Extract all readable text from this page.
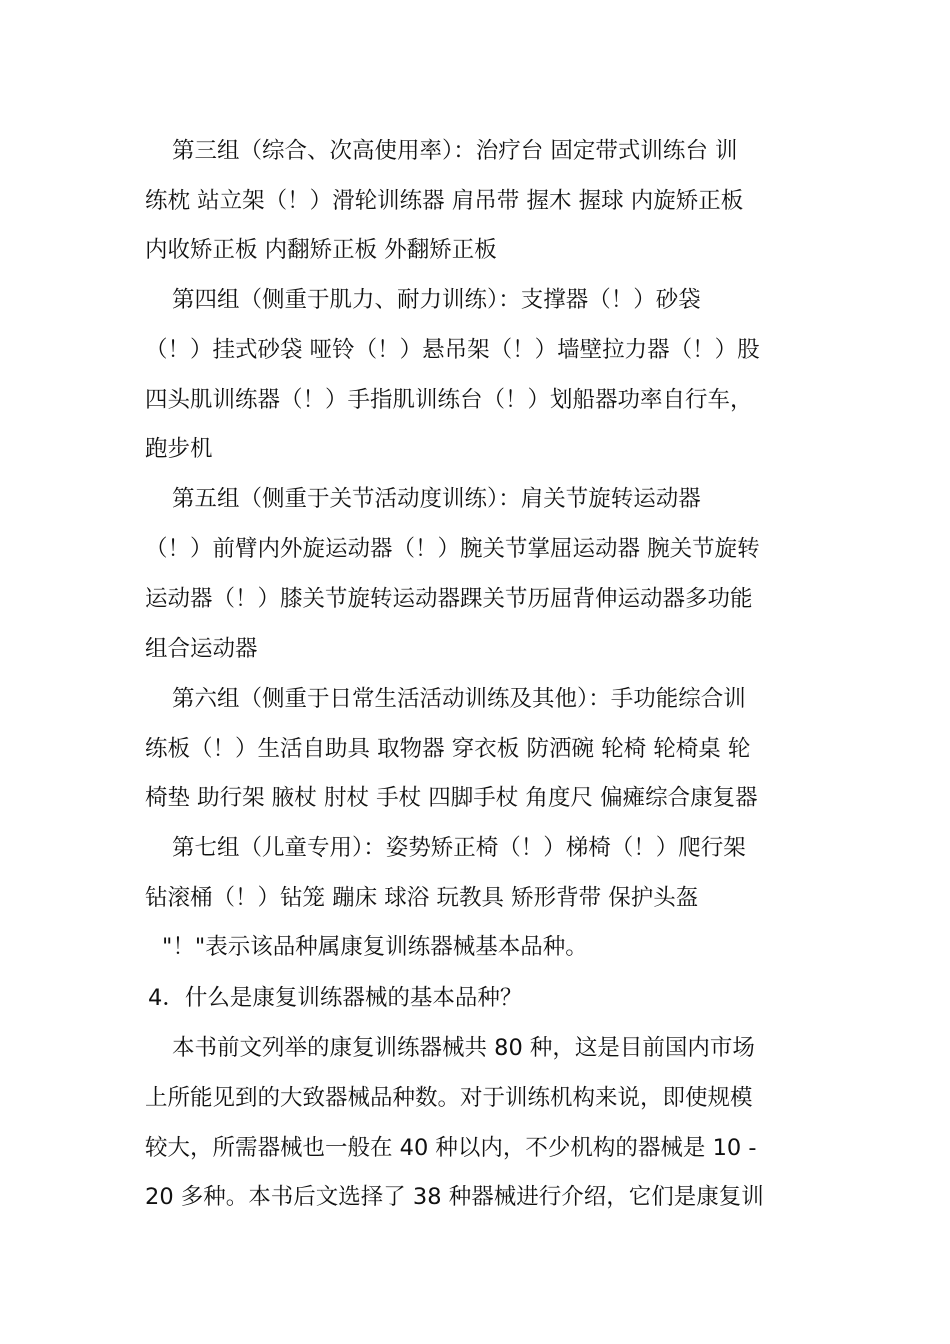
第三组（综合、次高使用率）：治疗台 固定带式训练台 训
练枕 站立架（！）滑轮训练器 肩吊带 握木 握球 内旋矫正板
内收矫正板 内翻矫正板 外翻矫正板
第四组（侧重于肌力、耐力训练）：支撑器（！）砂袋
（！）挂式砂袋 哑铃（！）悬吊架（！）墙壁拉力器（！）股
四头肌训练器（！）手指肌训练台（！）划船器功率自行车，
跑步机
第五组（侧重于关节活动度训练）：肩关节旋转运动器
（！）前臂内外旋运动器（！）腕关节掌屈运动器 腕关节旋转
运动器（！）膝关节旋转运动器踝关节历屈背伸运动器多功能
组合运动器
第六组（侧重于日常生活活动训练及其他）：手功能综合训
练板（！）生活自助具 取物器 穿衣板 防洒碗 轮椅 轮椅桌 轮
椅垫 助行架 腋杖 肘杖 手杖 四脚手杖 角度尺 偏瘫综合康复器
第七组（儿童专用）：姿势矫正椅（！）梯椅（！）爬行架
钻滚桶（！）钻笼 蹦床 球浴 玩教具 矫形背带 保护头盔
"！"表示该品种属康复训练器械基本品种。
4．什么是康复训练器械的基本品种？
本书前文列举的康复训练器械共 80 种，这是目前国内市场
上所能见到的大致器械品种数。对于训练机构来说，即使规模
较大，所需器械也一般在 40 种以内，不少机构的器械是 10 -
20 多种。本书后文选择了 38 种器械进行介绍，它们是康复训
